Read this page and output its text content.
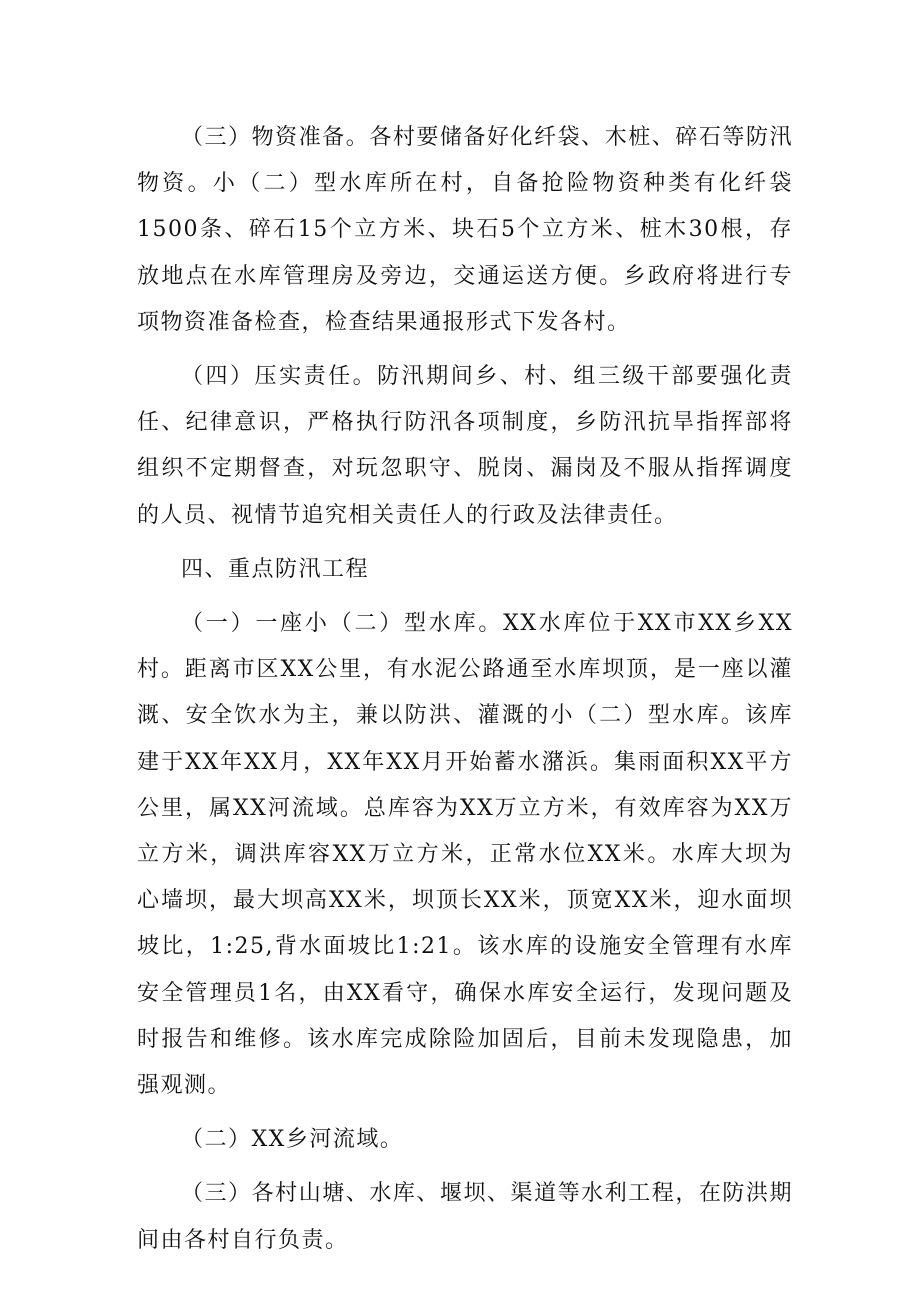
（三）物资准备。各村要储备好化纤袋、木桩、碎石等防汛物资。小（二）型水库所在村，自备抢险物资种类有化纤袋1500条、碎石15个立方米、块石5个立方米、桩木30根，存放地点在水库管理房及旁边，交通运送方便。乡政府将进行专项物资准备检查，检查结果通报形式下发各村。

（四）压实责任。防汛期间乡、村、组三级干部要强化责任、纪律意识，严格执行防汛各项制度，乡防汛抗旱指挥部将组织不定期督查，对玩忽职守、脱岗、漏岗及不服从指挥调度的人员、视情节追究相关责任人的行政及法律责任。

四、重点防汛工程

（一）一座小（二）型水库。XX水库位于XX市XX乡XX村。距离市区XX公里，有水泥公路通至水库坝顶，是一座以灌溉、安全饮水为主，兼以防洪、灌溉的小（二）型水库。该库建于XX年XX月，XX年XX月开始蓄水潴浜。集雨面积XX平方公里，属XX河流域。总库容为XX万立方米，有效库容为XX万立方米，调洪库容XX万立方米，正常水位XX米。水库大坝为心墙坝，最大坝高XX米，坝顶长XX米，顶宽XX米，迎水面坝坡比，1:25,背水面坡比1:21。该水库的设施安全管理有水库安全管理员1名，由XX看守，确保水库安全运行，发现问题及时报告和维修。该水库完成除险加固后，目前未发现隐患，加强观测。

（二）XX乡河流域。

（三）各村山塘、水库、堰坝、渠道等水利工程，在防洪期间由各村自行负责。
